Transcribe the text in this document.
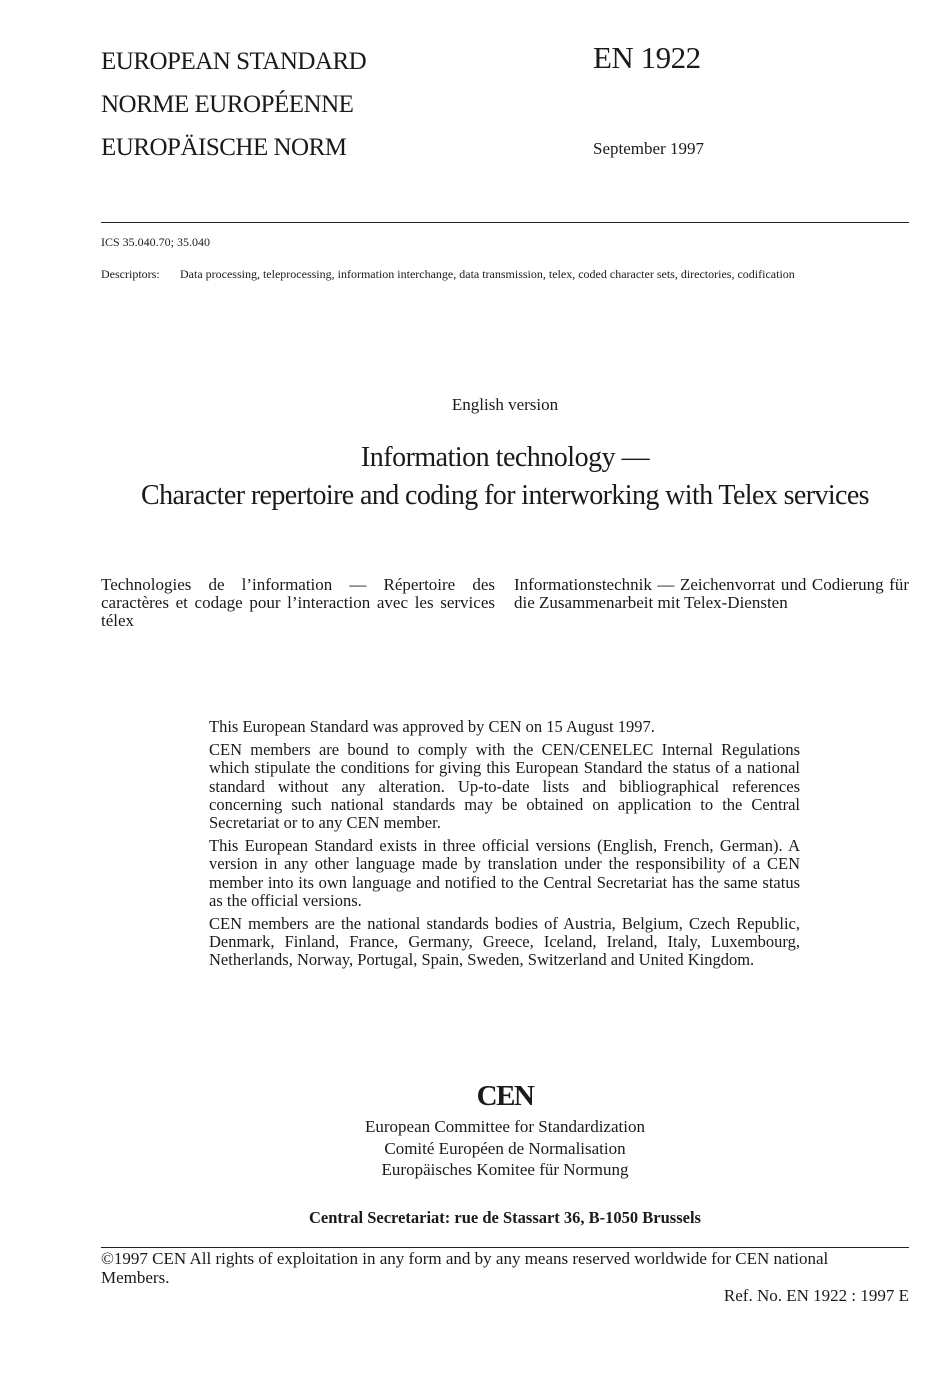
EUROPEAN STANDARD
NORME EUROPÉENNE
EUROPÄISCHE NORM
EN 1922
September 1997
ICS 35.040.70; 35.040
Descriptors:	Data processing, teleprocessing, information interchange, data transmission, telex, coded character sets, directories, codification
English version
Information technology —
Character repertoire and coding for interworking with Telex services
Technologies de l’information — Répertoire des caractères et codage pour l’interaction avec les services télex
Informationstechnik — Zeichenvorrat und Codierung für die Zusammenarbeit mit Telex-Diensten

This European Standard was approved by CEN on 15 August 1997.

CEN members are bound to comply with the CEN/CENELEC Internal Regulations which stipulate the conditions for giving this European Standard the status of a national standard without any alteration. Up-to-date lists and bibliographical references concerning such national standards may be obtained on application to the Central Secretariat or to any CEN member.

This European Standard exists in three official versions (English, French, German). A version in any other language made by translation under the responsibility of a CEN member into its own language and notified to the Central Secretariat has the same status as the official versions.

CEN members are the national standards bodies of Austria, Belgium, Czech Republic, Denmark, Finland, France, Germany, Greece, Iceland, Ireland, Italy, Luxembourg, Netherlands, Norway, Portugal, Spain, Sweden, Switzerland and United Kingdom.

CEN
European Committee for Standardization
Comité Européen de Normalisation
Europäisches Komitee für Normung
Central Secretariat: rue de Stassart 36, B-1050 Brussels
©1997 CEN All rights of exploitation in any form and by any means reserved worldwide for CEN national Members.
Ref. No. EN 1922 : 1997 E
